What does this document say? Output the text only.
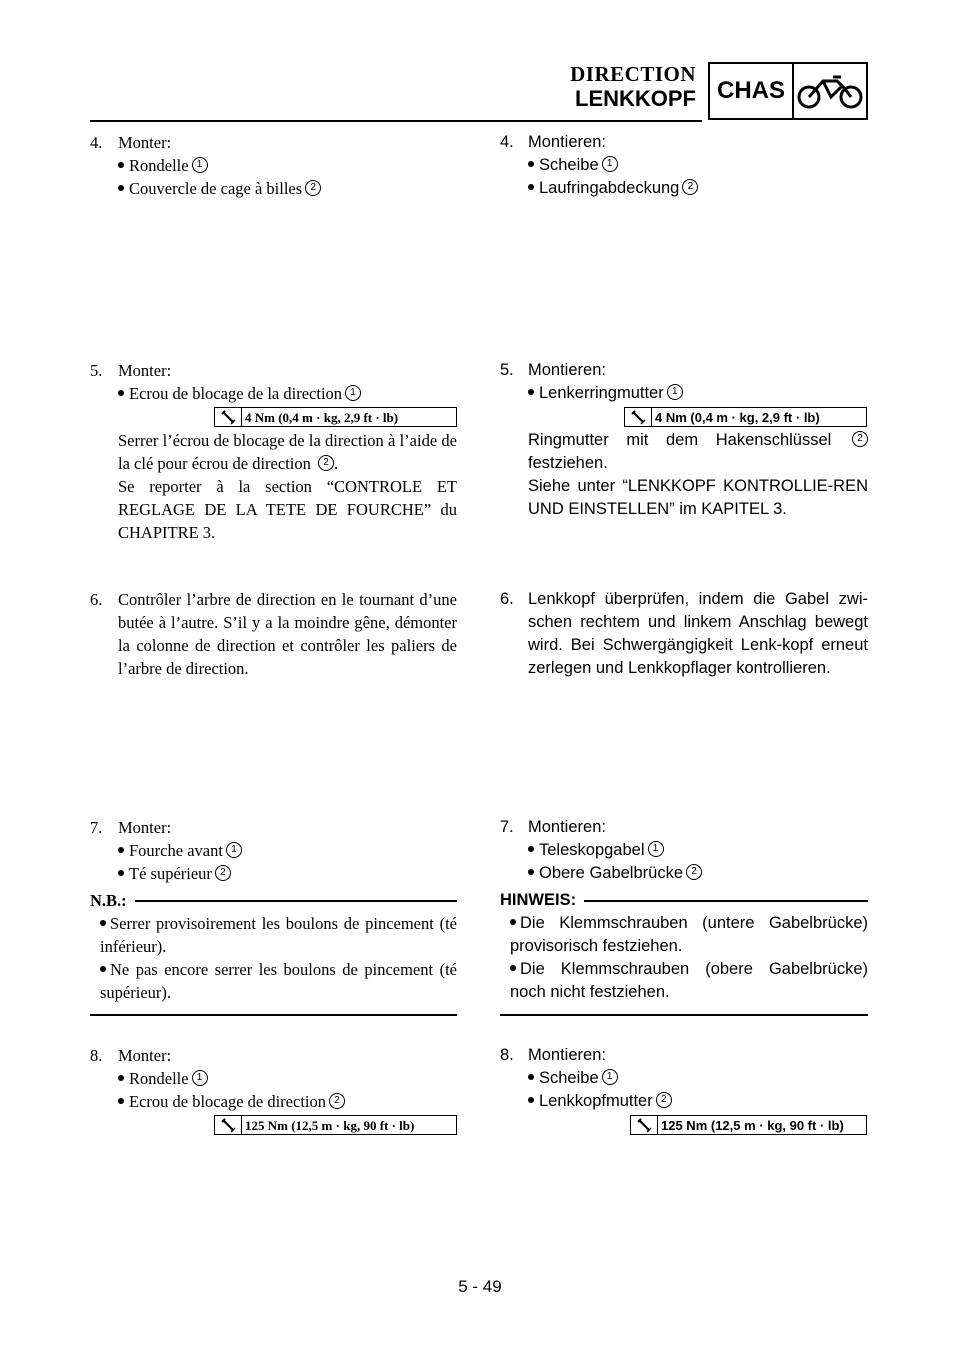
DIRECTION
LENKKOPF CHAS
4. Monter:
Rondelle 1
Couvercle de cage à billes 2
5. Monter:
Ecrou de blocage de la direction 1
4 Nm (0,4 m · kg, 2,9 ft · lb)
Serrer l’écrou de blocage de la direction à l’aide de la clé pour écrou de direction 2 .
Se reporter à la section “CONTROLE ET REGLAGE DE LA TETE DE FOURCHE” du CHAPITRE 3.
6. Contrôler l’arbre de direction en le tournant d’une butée à l’autre. S’il y a la moindre gêne, démonter la colonne de direction et contrôler les paliers de l’arbre de direction.
7. Monter:
Fourche avant 1
Té supérieur 2
N.B.:
Serrer provisoirement les boulons de pincement (té inférieur).
Ne pas encore serrer les boulons de pincement (té supérieur).
8. Monter:
Rondelle 1
Ecrou de blocage de direction 2
125 Nm (12,5 m · kg, 90 ft · lb)
4. Montieren:
Scheibe 1
Laufringabdeckung 2
5. Montieren:
Lenkerringmutter 1
4 Nm (0,4 m · kg, 2,9 ft · lb)
Ringmutter mit dem Hakenschlüssel	2 festziehen.
Siehe unter “LENKKOPF KONTROLLIE-REN UND EINSTELLEN” im KAPITEL 3.
6. Lenkkopf überprüfen, indem die Gabel zwi-schen rechtem und linkem Anschlag bewegt wird. Bei Schwergängigkeit Lenk-kopf erneut zerlegen und Lenkkopflager kontrollieren.
7. Montieren:
Teleskopgabel 1
Obere Gabelbrücke 2
HINWEIS:
Die Klemmschrauben (untere Gabelbrücke) provisorisch festziehen.
Die Klemmschrauben (obere Gabelbrücke) noch nicht festziehen.
8. Montieren:
Scheibe 1
Lenkkopfmutter 2
125 Nm (12,5 m · kg, 90 ft · lb)
5 - 49
